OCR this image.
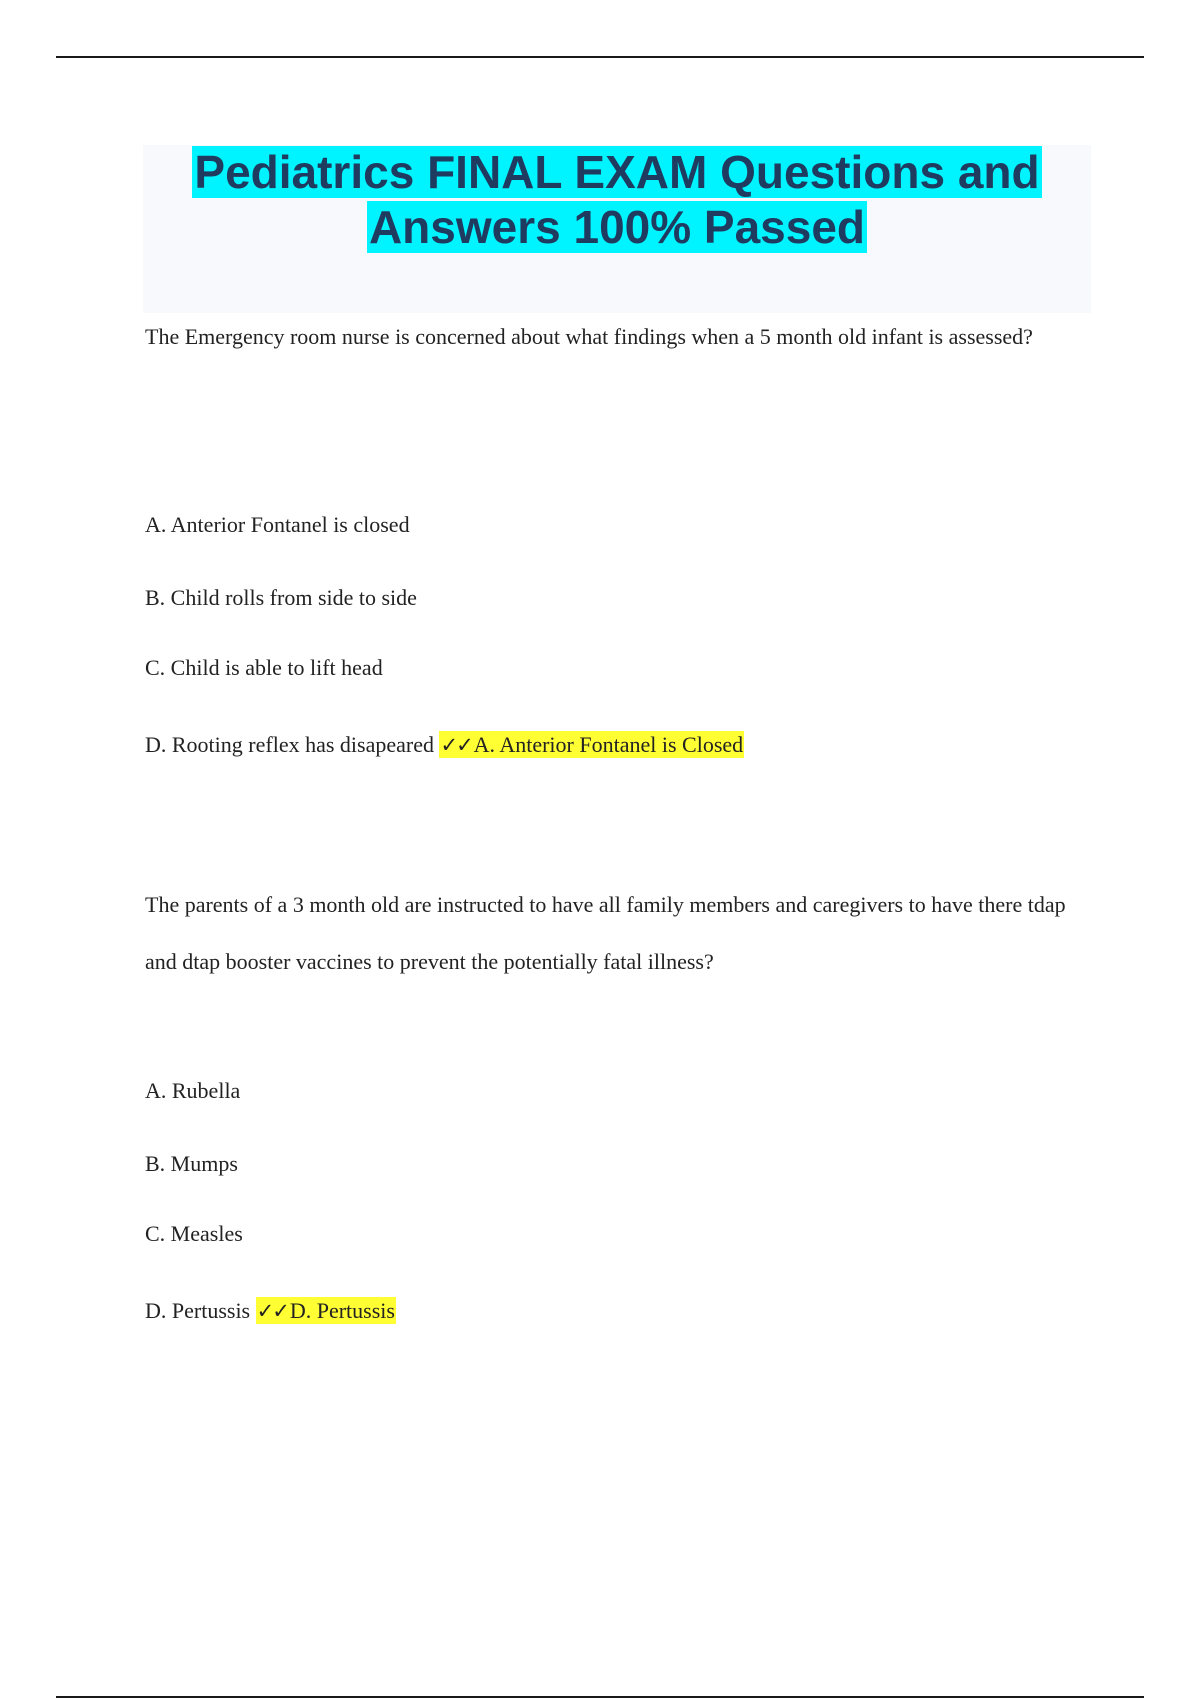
Pediatrics FINAL EXAM Questions and
Answers 100% Passed

The Emergency room nurse is concerned about what findings when a 5 month old infant is assessed?

A. Anterior Fontanel is closed
B. Child rolls from side to side
C. Child is able to lift head
D. Rooting reflex has disapeared ✓✓A. Anterior Fontanel is Closed

The parents of a 3 month old are instructed to have all family members and caregivers to have there tdap and dtap booster vaccines to prevent the potentially fatal illness?

A. Rubella
B. Mumps
C. Measles
D. Pertussis ✓✓D. Pertussis
